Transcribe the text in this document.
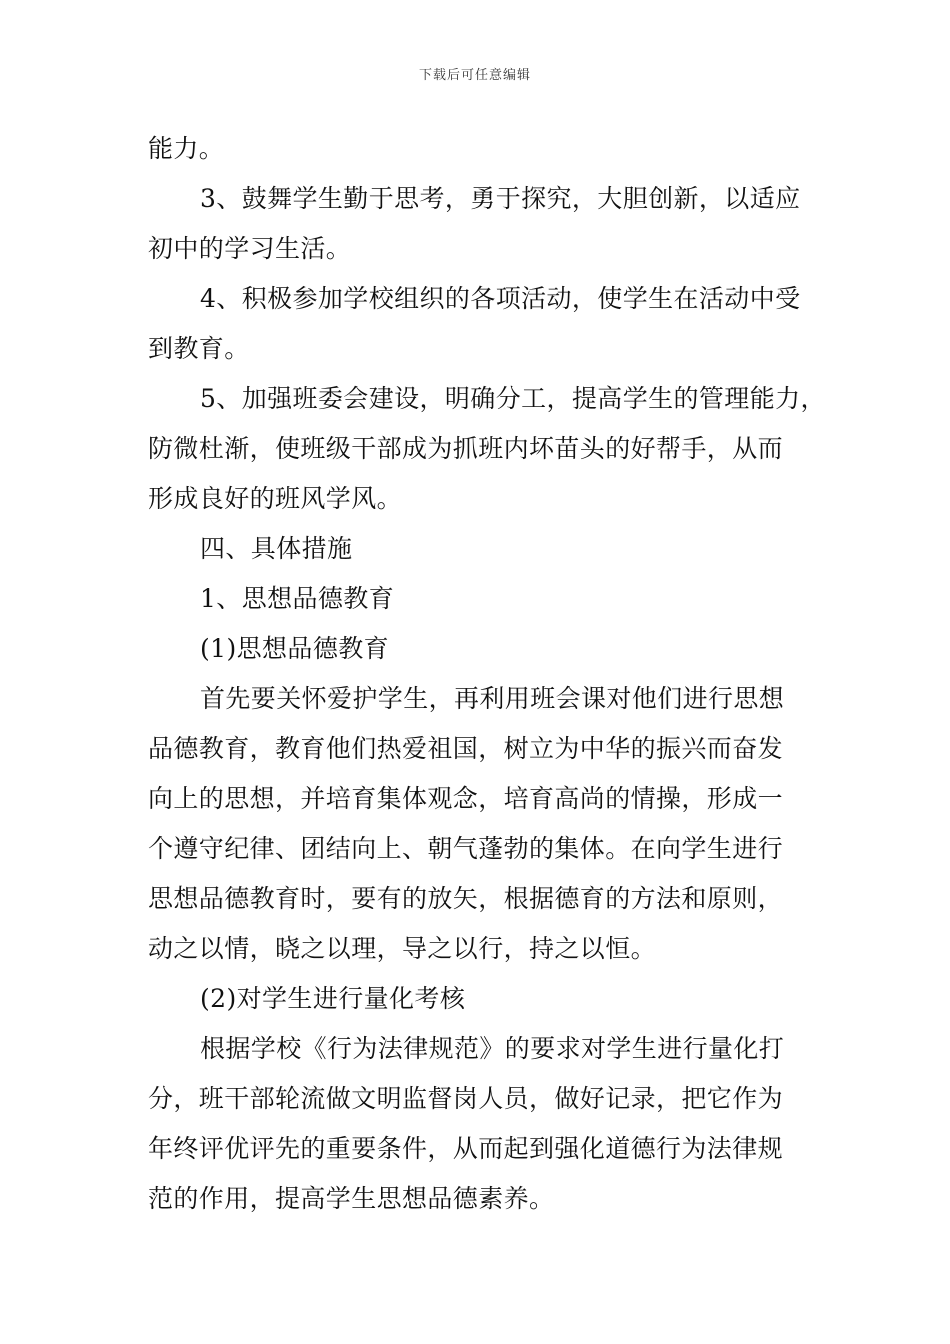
下载后可任意编辑
能力。
3、鼓舞学生勤于思考，勇于探究，大胆创新，以适应
初中的学习生活。
4、积极参加学校组织的各项活动，使学生在活动中受
到教育。
5、加强班委会建设，明确分工，提高学生的管理能力，
防微杜渐，使班级干部成为抓班内坏苗头的好帮手，从而
形成良好的班风学风。
四、具体措施
1、思想品德教育
(1)思想品德教育
首先要关怀爱护学生，再利用班会课对他们进行思想
品德教育，教育他们热爱祖国，树立为中华的振兴而奋发
向上的思想，并培育集体观念，培育高尚的情操，形成一
个遵守纪律、团结向上、朝气蓬勃的集体。在向学生进行
思想品德教育时，要有的放矢，根据德育的方法和原则，
动之以情，晓之以理，导之以行，持之以恒。
(2)对学生进行量化考核
根据学校《行为法律规范》的要求对学生进行量化打
分，班干部轮流做文明监督岗人员，做好记录，把它作为
年终评优评先的重要条件，从而起到强化道德行为法律规
范的作用，提高学生思想品德素养。
